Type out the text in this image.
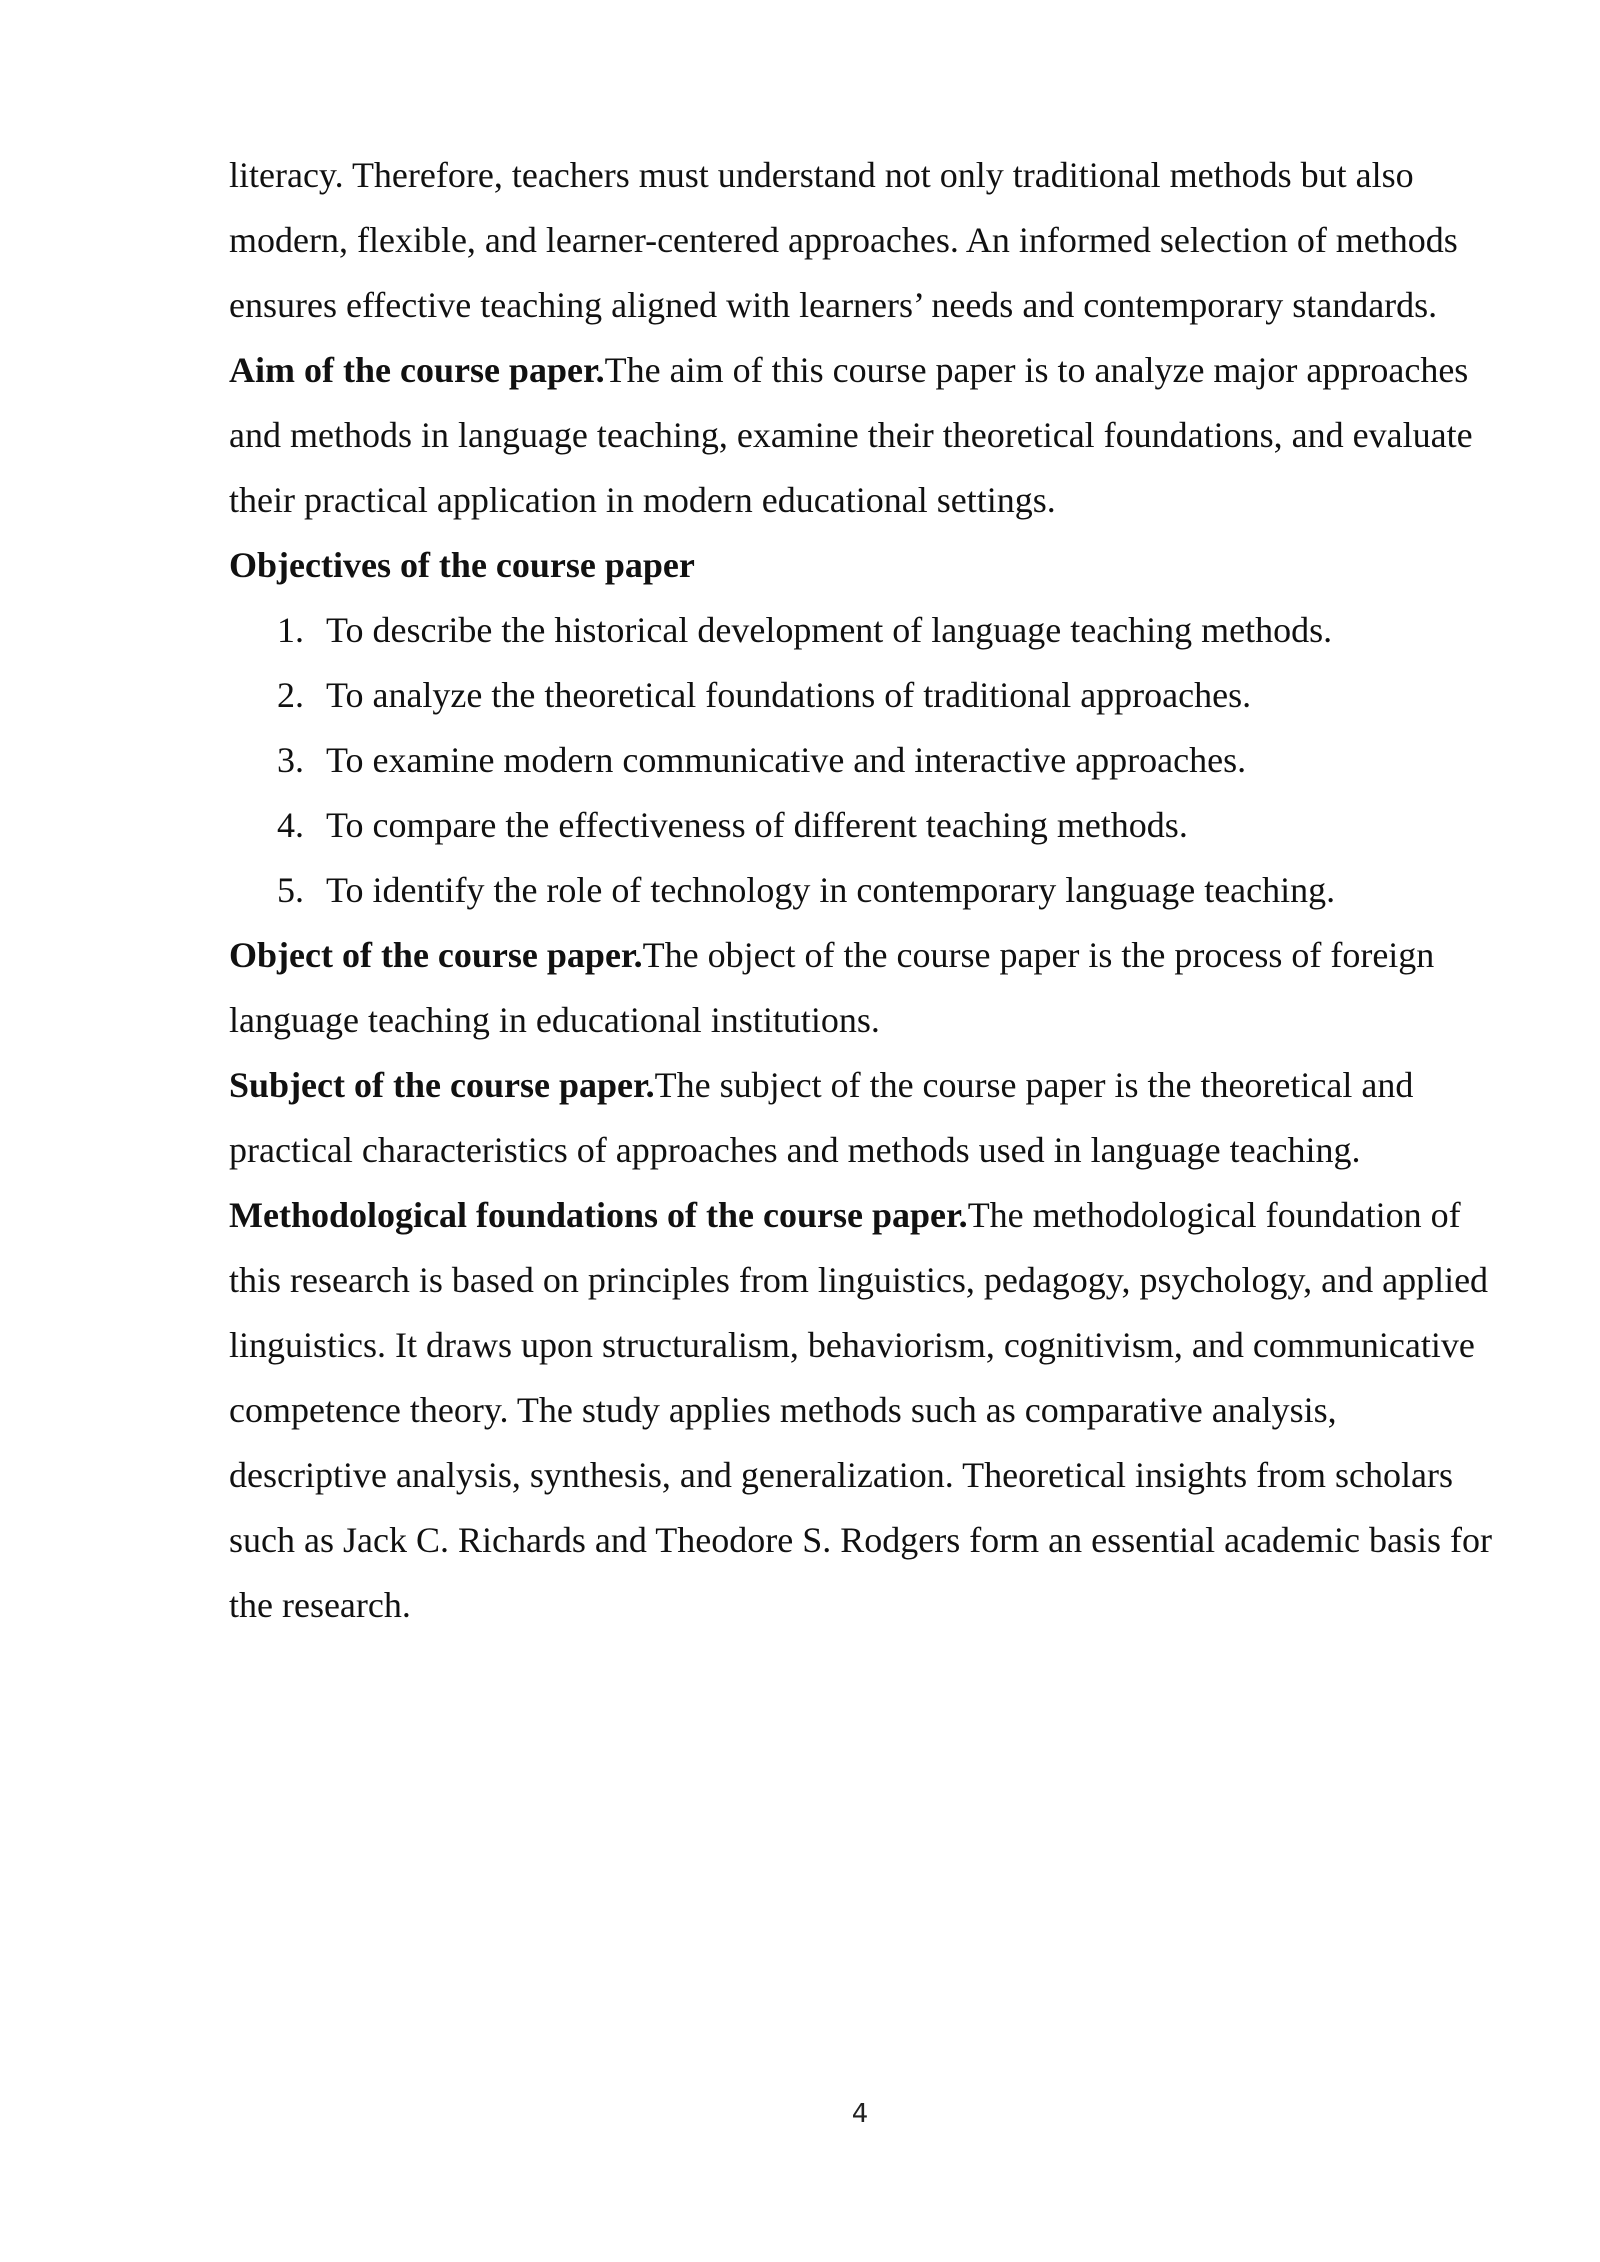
literacy. Therefore, teachers must understand not only traditional methods but also modern, flexible, and learner-centered approaches. An informed selection of methods ensures effective teaching aligned with learners’ needs and contemporary standards.

Aim of the course paper.The aim of this course paper is to analyze major approaches and methods in language teaching, examine their theoretical foundations, and evaluate their practical application in modern educational settings.

Objectives of the course paper

1. To describe the historical development of language teaching methods.
2. To analyze the theoretical foundations of traditional approaches.
3. To examine modern communicative and interactive approaches.
4. To compare the effectiveness of different teaching methods.
5. To identify the role of technology in contemporary language teaching.

Object of the course paper.The object of the course paper is the process of foreign language teaching in educational institutions.

Subject of the course paper.The subject of the course paper is the theoretical and practical characteristics of approaches and methods used in language teaching.

Methodological foundations of the course paper.The methodological foundation of this research is based on principles from linguistics, pedagogy, psychology, and applied linguistics. It draws upon structuralism, behaviorism, cognitivism, and communicative competence theory. The study applies methods such as comparative analysis, descriptive analysis, synthesis, and generalization. Theoretical insights from scholars such as Jack C. Richards and Theodore S. Rodgers form an essential academic basis for the research.

4
